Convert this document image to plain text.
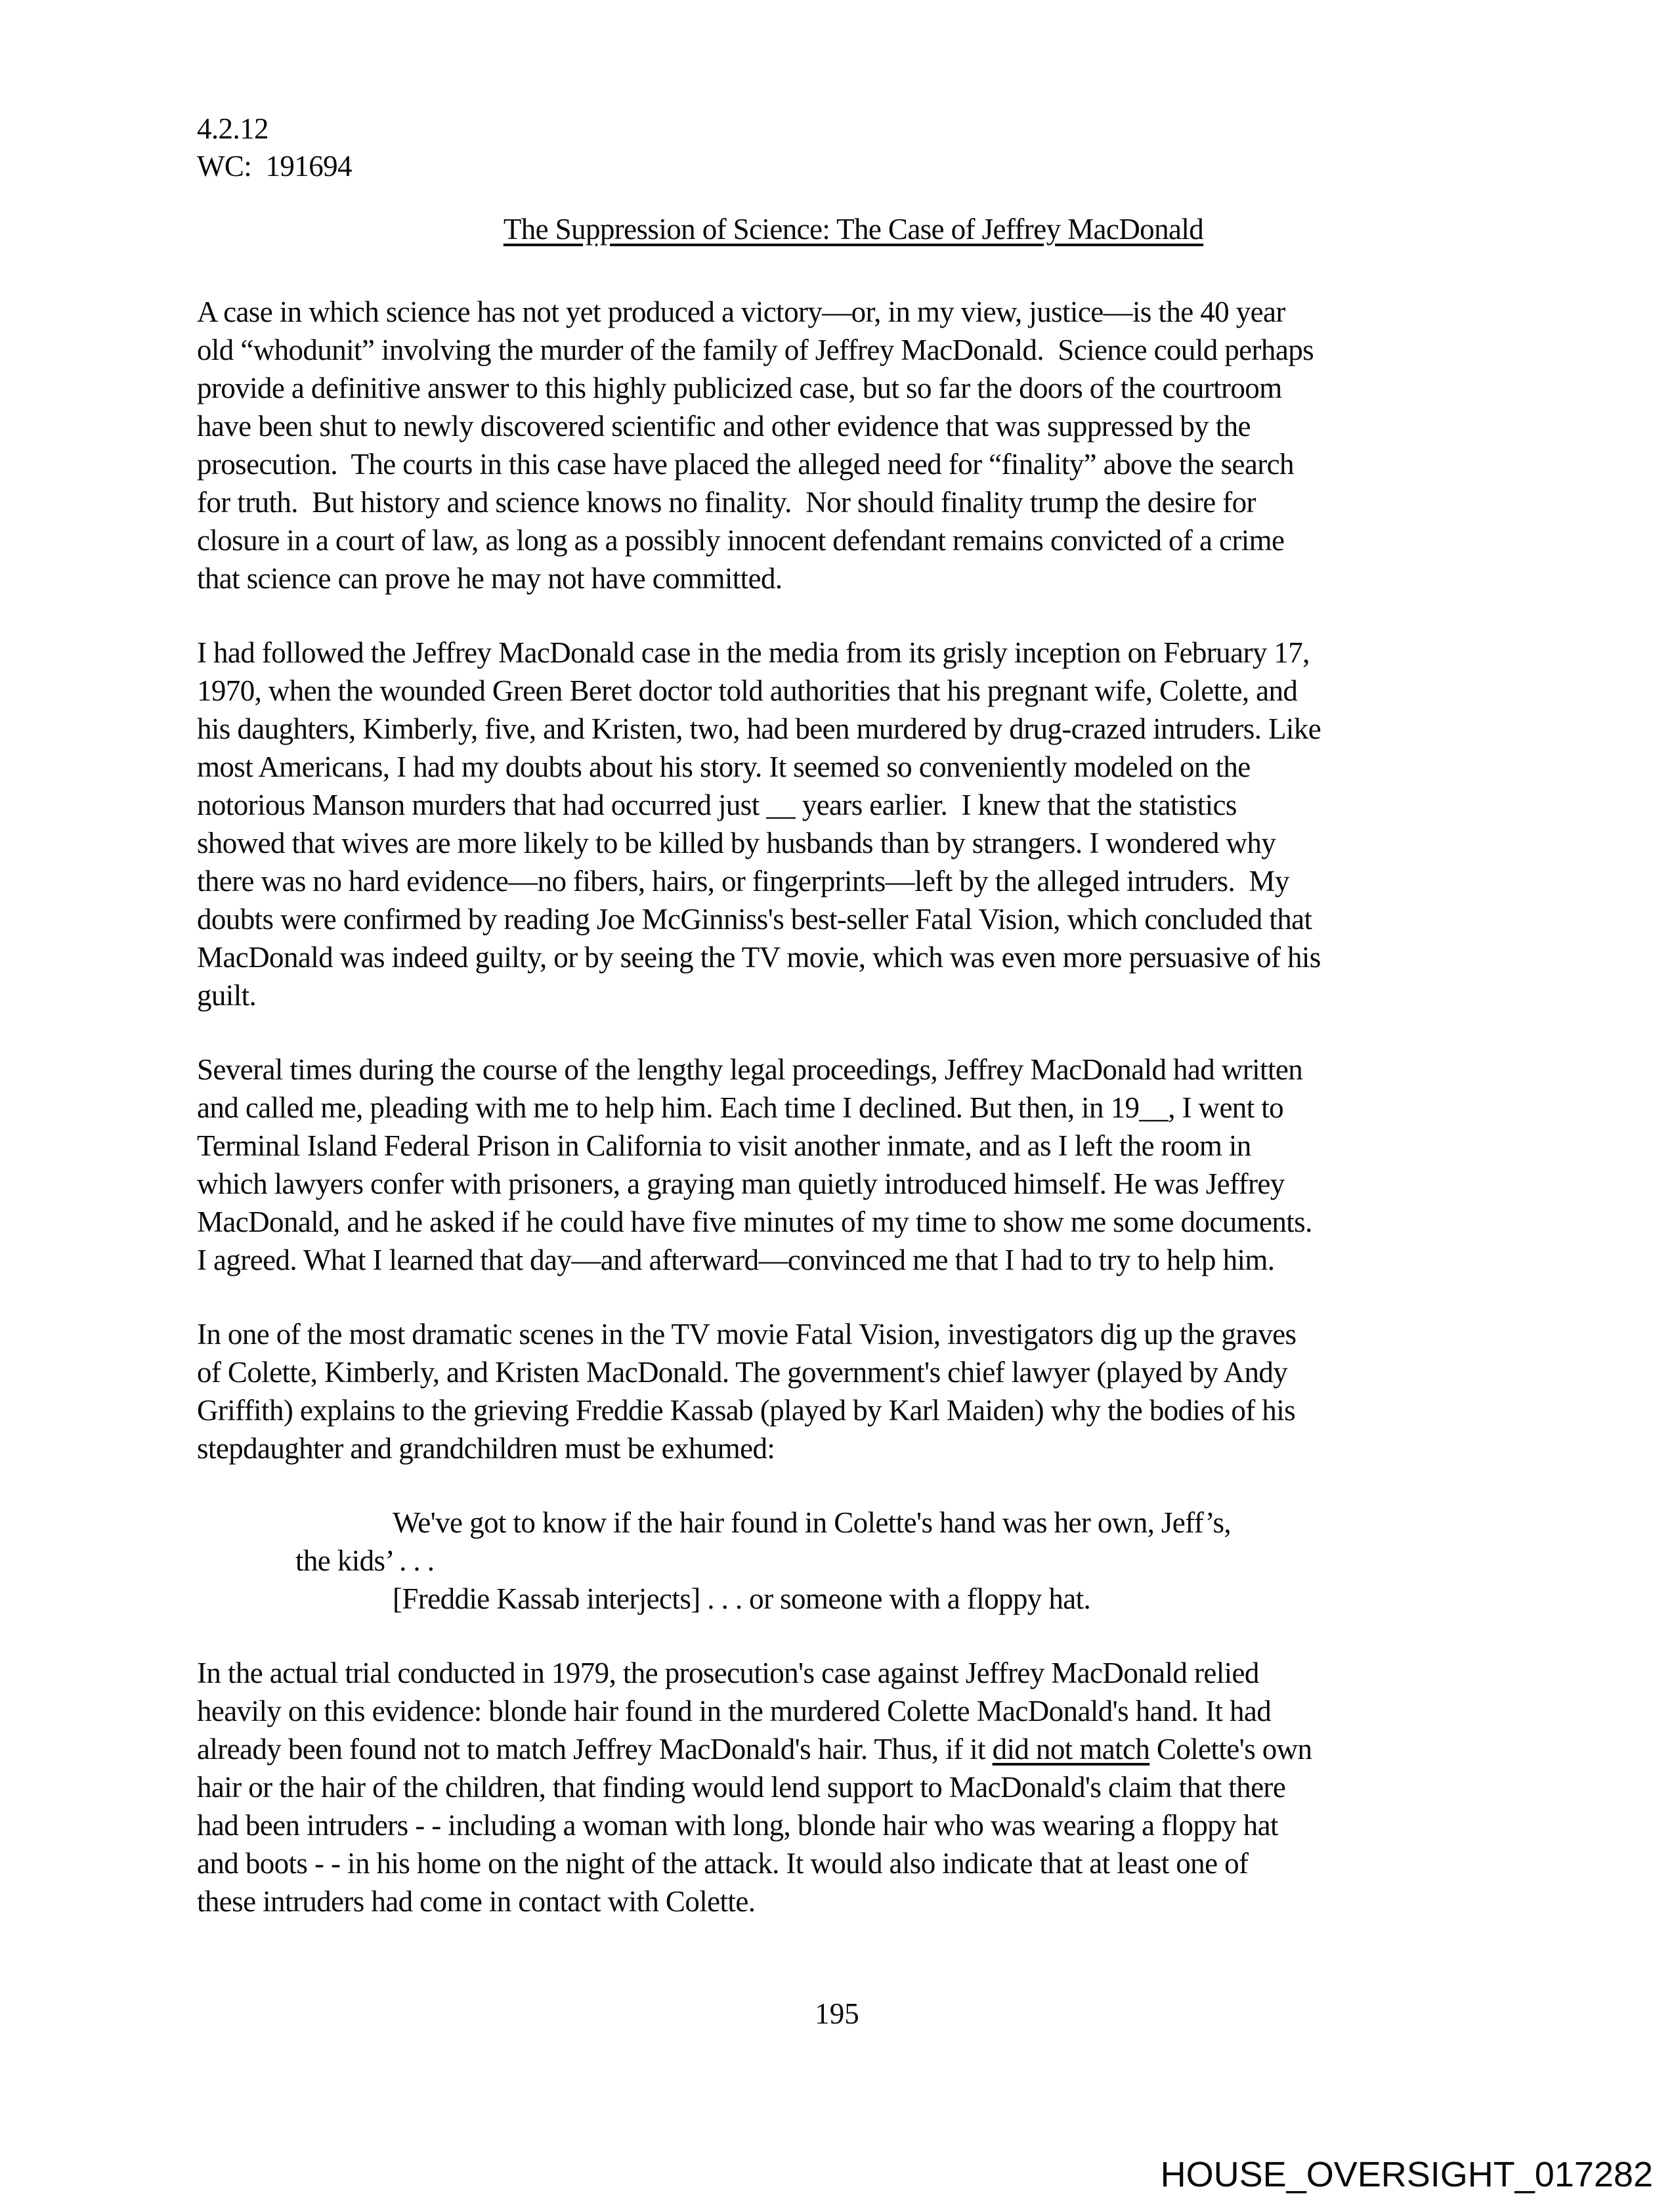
4.2.12
WC:  191694
The Suppression of Science: The Case of Jeffrey MacDonald
A case in which science has not yet produced a victory—or, in my view, justice—is the 40 year
old “whodunit” involving the murder of the family of Jeffrey MacDonald.  Science could perhaps
provide a definitive answer to this highly publicized case, but so far the doors of the courtroom
have been shut to newly discovered scientific and other evidence that was suppressed by the
prosecution.  The courts in this case have placed the alleged need for “finality” above the search
for truth.  But history and science knows no finality.  Nor should finality trump the desire for
closure in a court of law, as long as a possibly innocent defendant remains convicted of a crime
that science can prove he may not have committed.
I had followed the Jeffrey MacDonald case in the media from its grisly inception on February 17,
1970, when the wounded Green Beret doctor told authorities that his pregnant wife, Colette, and
his daughters, Kimberly, five, and Kristen, two, had been murdered by drug-crazed intruders. Like
most Americans, I had my doubts about his story. It seemed so conveniently modeled on the
notorious Manson murders that had occurred just __ years earlier.  I knew that the statistics
showed that wives are more likely to be killed by husbands than by strangers. I wondered why
there was no hard evidence—no fibers, hairs, or fingerprints—left by the alleged intruders.  My
doubts were confirmed by reading Joe McGinniss's best-seller Fatal Vision, which concluded that
MacDonald was indeed guilty, or by seeing the TV movie, which was even more persuasive of his
guilt.
Several times during the course of the lengthy legal proceedings, Jeffrey MacDonald had written
and called me, pleading with me to help him. Each time I declined. But then, in 19__, I went to
Terminal Island Federal Prison in California to visit another inmate, and as I left the room in
which lawyers confer with prisoners, a graying man quietly introduced himself. He was Jeffrey
MacDonald, and he asked if he could have five minutes of my time to show me some documents.
I agreed. What I learned that day—and afterward—convinced me that I had to try to help him.
In one of the most dramatic scenes in the TV movie Fatal Vision, investigators dig up the graves
of Colette, Kimberly, and Kristen MacDonald. The government's chief lawyer (played by Andy
Griffith) explains to the grieving Freddie Kassab (played by Karl Maiden) why the bodies of his
stepdaughter and grandchildren must be exhumed:
We've got to know if the hair found in Colette's hand was her own, Jeff’s,
the kids’ . . .
[Freddie Kassab interjects] . . . or someone with a floppy hat.
In the actual trial conducted in 1979, the prosecution's case against Jeffrey MacDonald relied
heavily on this evidence: blonde hair found in the murdered Colette MacDonald's hand. It had
already been found not to match Jeffrey MacDonald's hair. Thus, if it did not match Colette's own
hair or the hair of the children, that finding would lend support to MacDonald's claim that there
had been intruders - - including a woman with long, blonde hair who was wearing a floppy hat
and boots - - in his home on the night of the attack. It would also indicate that at least one of
these intruders had come in contact with Colette.
195
HOUSE_OVERSIGHT_017282
